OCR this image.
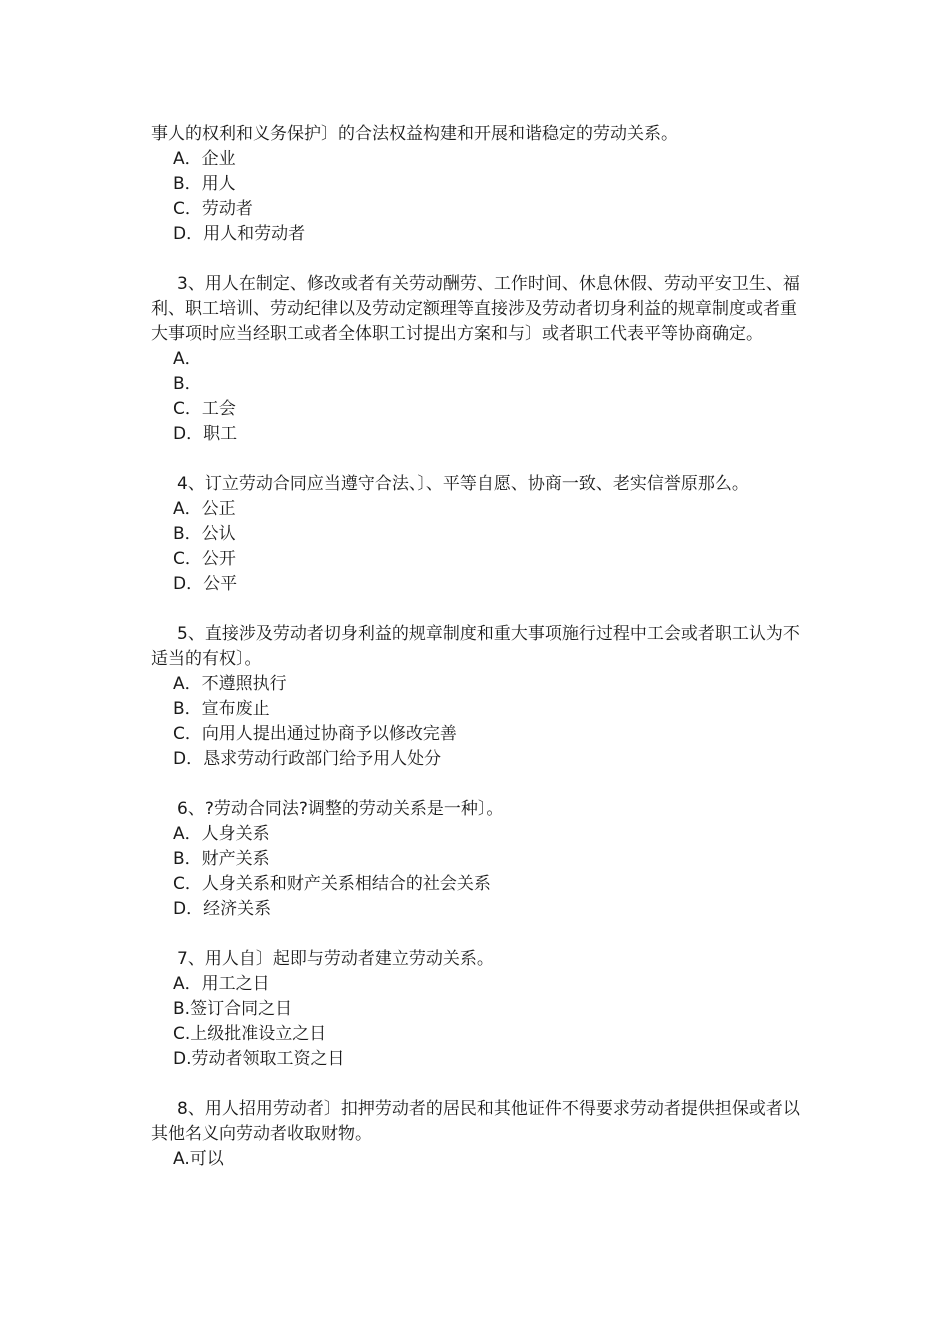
事人的权利和义务保护〕的合法权益构建和开展和谐稳定的劳动关系。

A．企业

B．用人

C．劳动者

D．用人和劳动者

3、用人在制定、修改或者有关劳动酬劳、工作时间、休息休假、劳动平安卫生、福利、职工培训、劳动纪律以及劳动定额理等直接涉及劳动者切身利益的规章制度或者重大事项时应当经职工或者全体职工讨提出方案和与〕或者职工代表平等协商确定。

A．

B．

C．工会

D．职工

4、订立劳动合同应当遵守合法、〕、平等自愿、协商一致、老实信誉原那么。

A．公正

B．公认

C．公开

D．公平

5、直接涉及劳动者切身利益的规章制度和重大事项施行过程中工会或者职工认为不适当的有权〕。

A．不遵照执行

B．宣布废止

C．向用人提出通过协商予以修改完善

D．恳求劳动行政部门给予用人处分

6、?劳动合同法?调整的劳动关系是一种〕。

A．人身关系

B．财产关系

C．人身关系和财产关系相结合的社会关系

D．经济关系

7、用人自〕起即与劳动者建立劳动关系。

A．用工之日

B.签订合同之日

C.上级批准设立之日

D.劳动者领取工资之日

8、用人招用劳动者〕扣押劳动者的居民和其他证件不得要求劳动者提供担保或者以其他名义向劳动者收取财物。

A.可以
